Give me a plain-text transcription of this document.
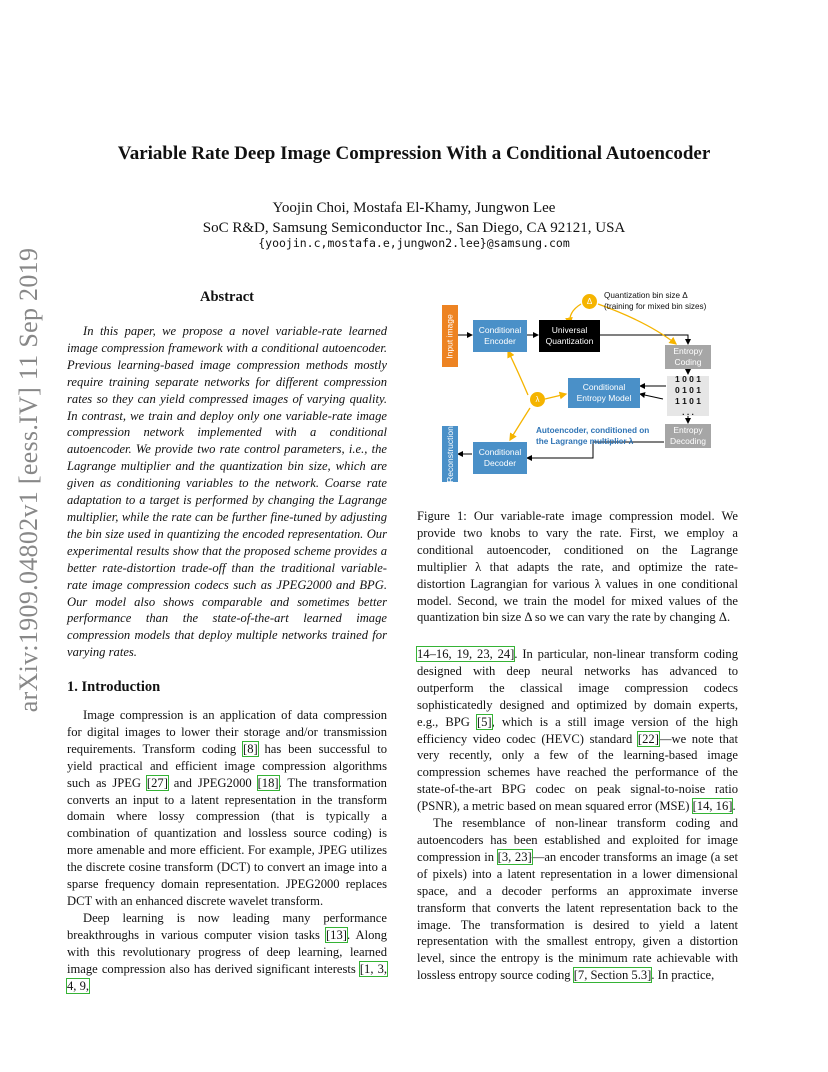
arXiv:1909.04802v1 [eess.IV] 11 Sep 2019
Variable Rate Deep Image Compression With a Conditional Autoencoder
Yoojin Choi, Mostafa El-Khamy, Jungwon Lee
SoC R&D, Samsung Semiconductor Inc., San Diego, CA 92121, USA
{yoojin.c,mostafa.e,jungwon2.lee}@samsung.com
Abstract

In this paper, we propose a novel variable-rate learned image compression framework with a conditional autoencoder. Previous learning-based image compression methods mostly require training separate networks for different compression rates so they can yield compressed images of varying quality. In contrast, we train and deploy only one variable-rate image compression network implemented with a conditional autoencoder. We provide two rate control parameters, i.e., the Lagrange multiplier and the quantization bin size, which are given as conditioning variables to the network. Coarse rate adaptation to a target is performed by changing the Lagrange multiplier, while the rate can be further fine-tuned by adjusting the bin size used in quantizing the encoded representation. Our experimental results show that the proposed scheme provides a better rate-distortion trade-off than the traditional variable-rate image compression codecs such as JPEG2000 and BPG. Our model also shows comparable and sometimes better performance than the state-of-the-art learned image compression models that deploy multiple networks trained for varying rates.

1. Introduction

Image compression is an application of data compression for digital images to lower their storage and/or transmission requirements. Transform coding [8] has been successful to yield practical and efficient image compression algorithms such as JPEG [27] and JPEG2000 [18]. The transformation converts an input to a latent representation in the transform domain where lossy compression (that is typically a combination of quantization and lossless source coding) is more amenable and more efficient. For example, JPEG utilizes the discrete cosine transform (DCT) to convert an image into a sparse frequency domain representation. JPEG2000 replaces DCT with an enhanced discrete wavelet transform.

Deep learning is now leading many performance breakthroughs in various computer vision tasks [13]. Along with this revolutionary progress of deep learning, learned image compression also has derived significant interests [1, 3, 4, 9,

Input image	Conditional Encoder
Universal Quantization
Δ
Quantization bin size Δ
(training for mixed bin sizes)
Entropy Coding
Conditional Entropy Model
λ
1 0 0 1
0 1 0 1
1 1 0 1
. . .
Autoencoder, conditioned on
the Lagrange multiplier λ
Entropy Decoding
Conditional Decoder
Reconstruction

Figure 1: Our variable-rate image compression model. We provide two knobs to vary the rate. First, we employ a conditional autoencoder, conditioned on the Lagrange multiplier λ that adapts the rate, and optimize the rate-distortion Lagrangian for various λ values in one conditional model. Second, we train the model for mixed values of the quantization bin size Δ so we can vary the rate by changing Δ.

14–16, 19, 23, 24]. In particular, non-linear transform coding designed with deep neural networks has advanced to outperform the classical image compression codecs sophisticatedly designed and optimized by domain experts, e.g., BPG [5], which is a still image version of the high efficiency video codec (HEVC) standard [22]—we note that very recently, only a few of the learning-based image compression schemes have reached the performance of the state-of-the-art BPG codec on peak signal-to-noise ratio (PSNR), a metric based on mean squared error (MSE) [14, 16].

The resemblance of non-linear transform coding and autoencoders has been established and exploited for image compression in [3, 23]—an encoder transforms an image (a set of pixels) into a latent representation in a lower dimensional space, and a decoder performs an approximate inverse transform that converts the latent representation back to the image. The transformation is desired to yield a latent representation with the smallest entropy, given a distortion level, since the entropy is the minimum rate achievable with lossless entropy source coding [7, Section 5.3]. In practice,
